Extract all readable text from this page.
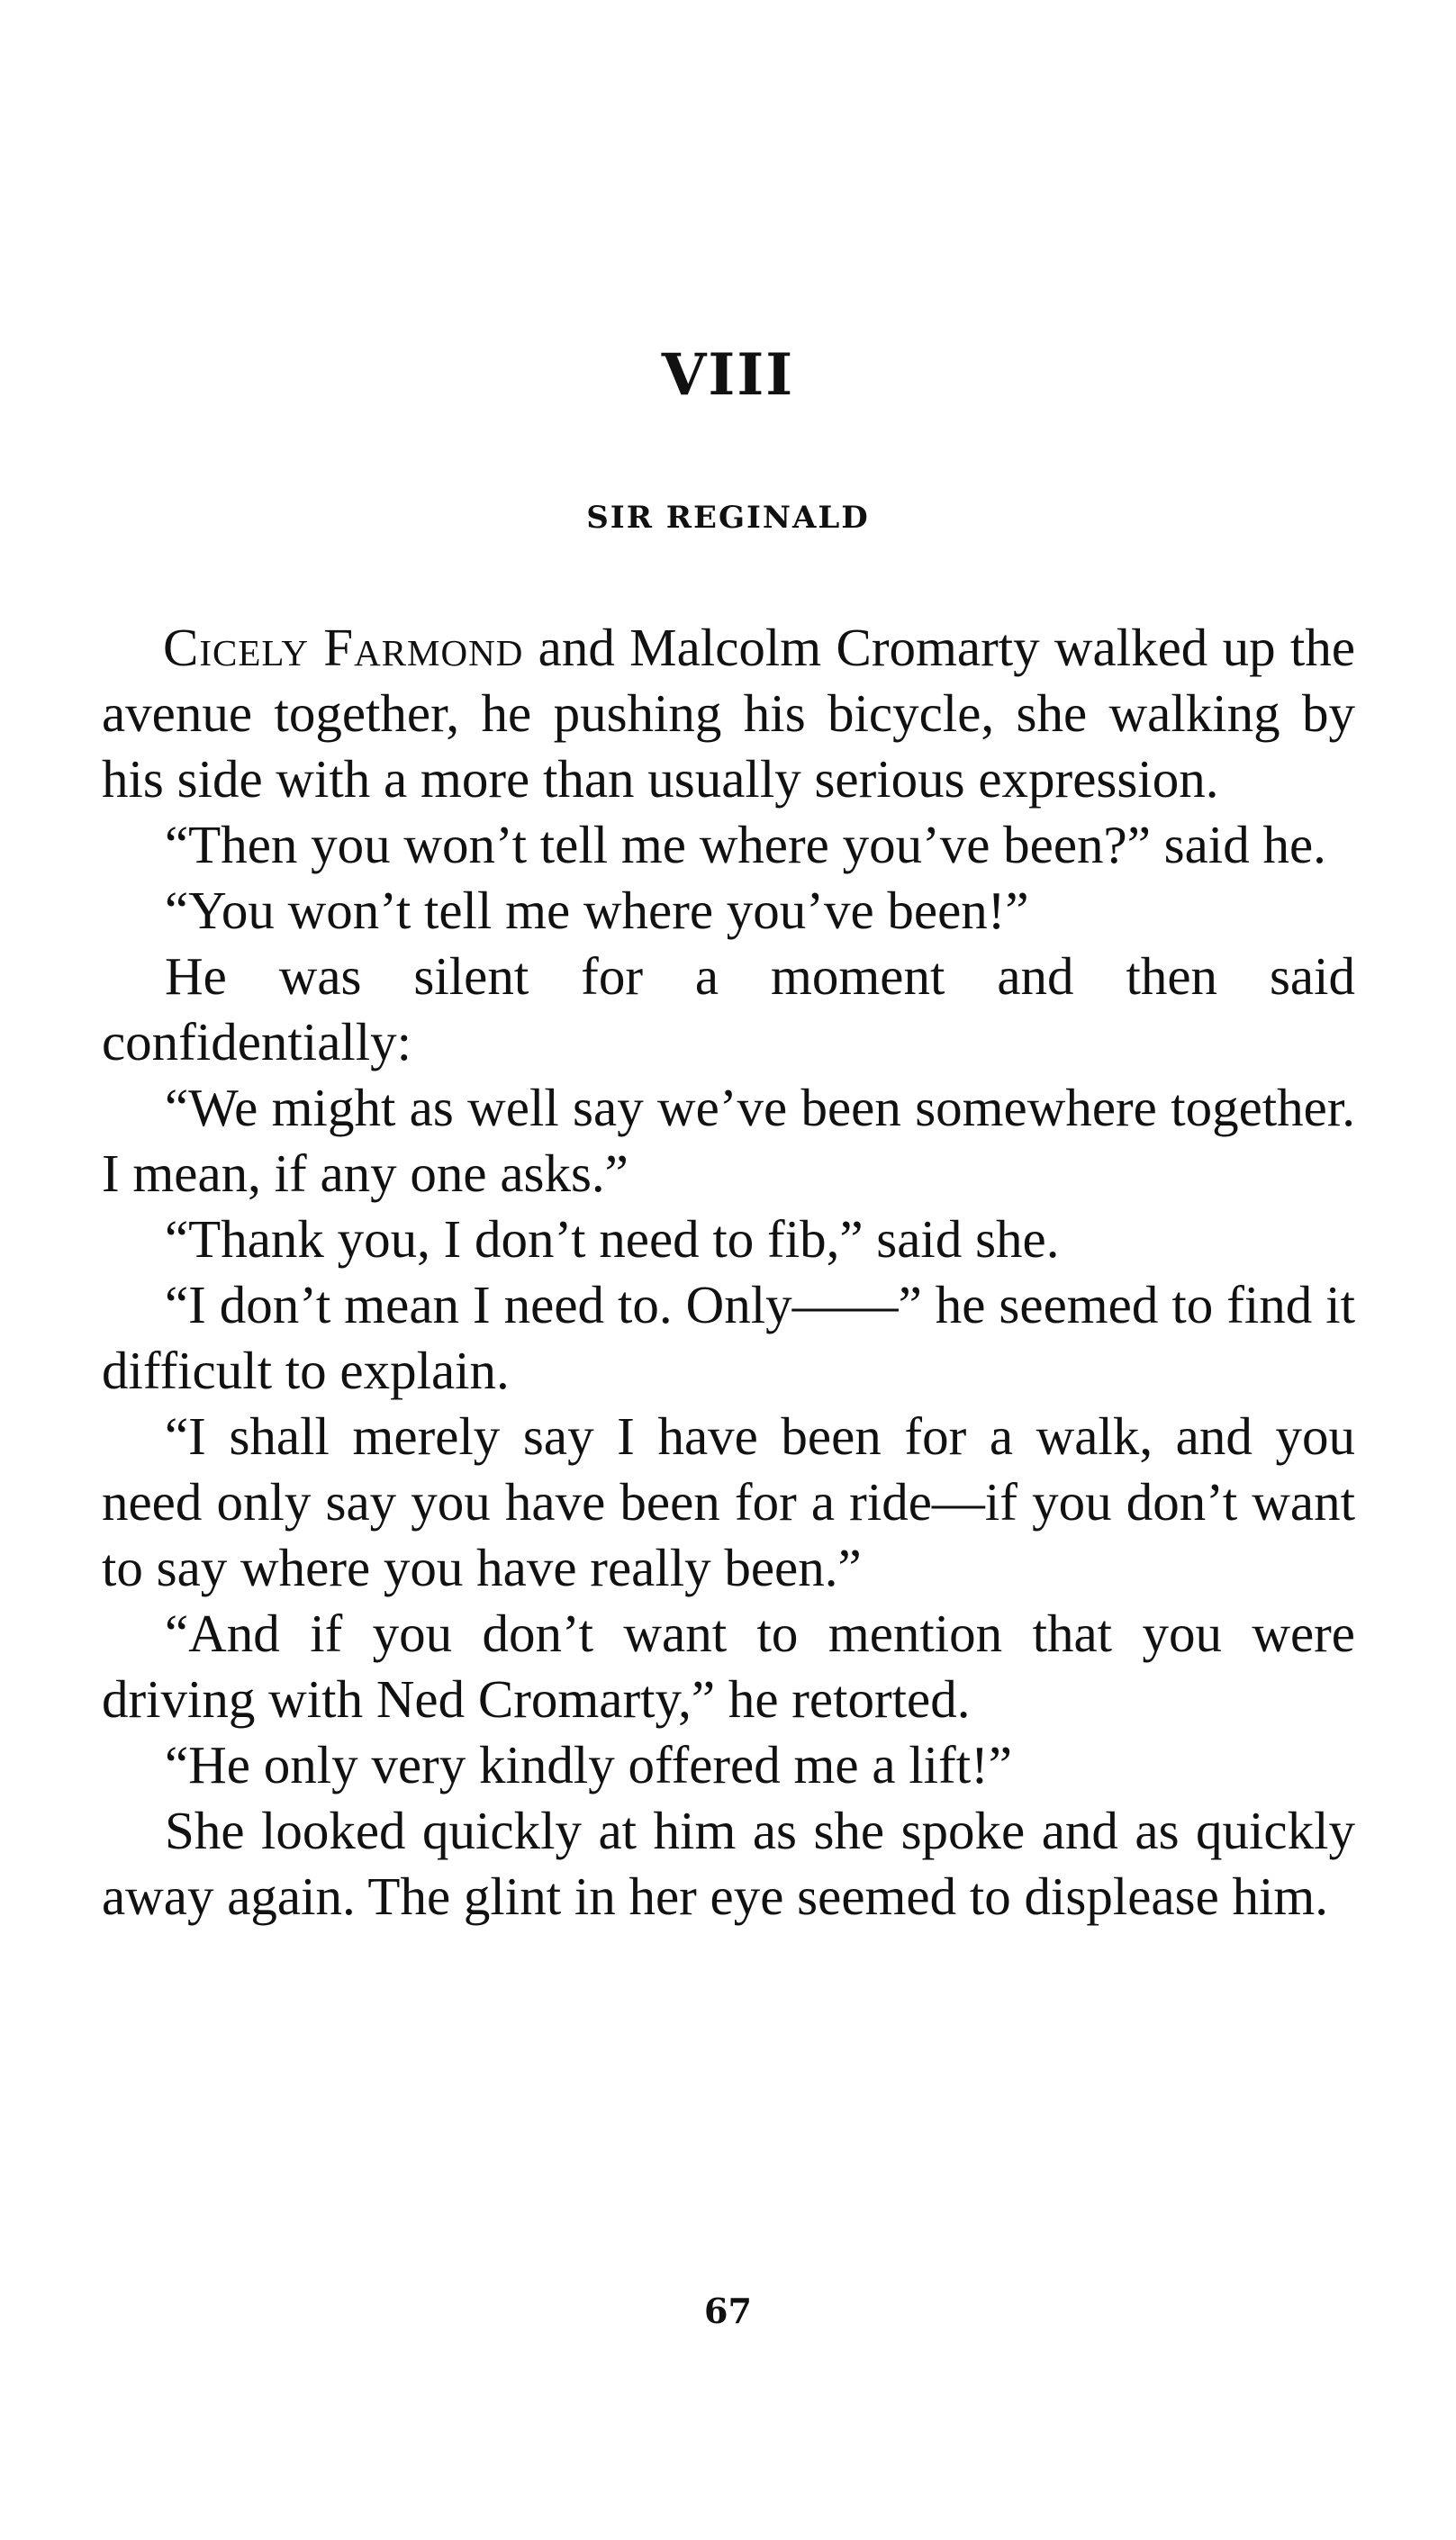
VIII
SIR REGINALD

Cicely Farmond and Malcolm Cromarty walked up the avenue together, he pushing his bicycle, she walking by his side with a more than usually serious expression.

“Then you won’t tell me where you’ve been?” said he.

“You won’t tell me where you’ve been!”

He was silent for a moment and then said confidentially:

“We might as well say we’ve been somewhere together. I mean, if any one asks.”

“Thank you, I don’t need to fib,” said she.

“I don’t mean I need to. Only——” he seemed to find it difficult to explain.

“I shall merely say I have been for a walk, and you need only say you have been for a ride—if you don’t want to say where you have really been.”

“And if you don’t want to mention that you were driving with Ned Cromarty,” he retorted.

“He only very kindly offered me a lift!”

She looked quickly at him as she spoke and as quickly away again. The glint in her eye seemed to displease him.

67
